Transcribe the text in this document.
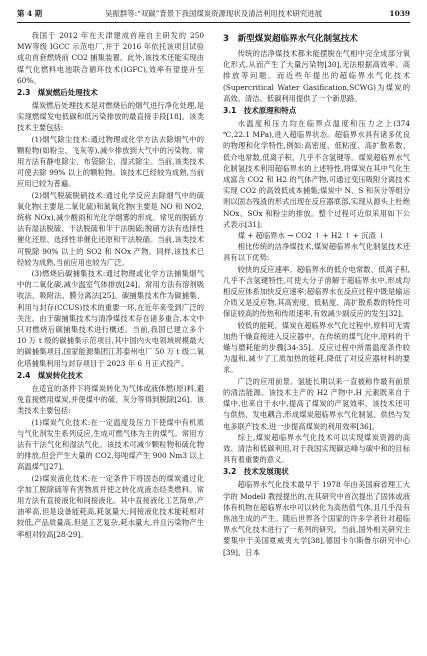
第 4 期	吴振群等:“双碳”背景下我国煤炭资源现状及清洁利用技术研究进展	1039

我国于 2012 年在天津建成首座自主研发的 250 MW等级 IGCC 示范电厂,并于 2016 年依托该项目试验成功首套燃烧前 CO2 捕集装置。此外,该技术还能实现由煤气化燃料电池联合循环技术(IGFC),效率有望提升至 60%。

2.3　煤炭燃后处理技术

煤炭燃后处理技术是对燃烧后的烟气进行净化处理,是实现燃煤发电低碳和低污染排放的最直接手段[18]。该类技术主要包括:

(1)烟气除尘技术:通过物理或化学方法去除烟气中的颗粒物(如粉尘、飞灰等),减少排放到大气中的污染物。常用方法有静电除尘、布袋除尘、湿式除尘。当前,该类技术可使去除 99% 以上的颗粒物。该技术已经较为成熟,当前应用已较为普遍。

(2)烟气脱硫脱硝技术:通过化学反应去除烟气中的硫氧化物(主要是二氧化硫)和氮氧化物(主要是 NO 和 NO2,统称 NOx),减少酸雨和光化学烟雾的形成。常见的脱硫方法有湿法脱硫、干法脱硫和半干法脱硫;脱硝方法有选择性催化还原、选择性非催化还原和干法脱硝。当前,该类技术可脱除 90% 以上的 SO2 和 NOx 产物。同样,该技术已经较为成熟,当前应用也较为广泛。

(3)燃烧后碳捕集技术:通过物理或化学方法捕集烟气中的二氧化碳,减少温室气体排放[24]。常用方法有溶剂吸收法、吸附法、膜分离法[25]。碳捕集技术作为碳捕集、利用与封存(CCUS)技术的重要一环,在近年来受到广泛的关注。由于碳捕集技术与清净煤技术存在诸多重合,本文中只对燃烧后碳捕集技术进行概述。当前,我国已建立多个 10 万 t 级的碳捕集示范项目,其中国内火电领域规模最大的碳捕集项目,国家能源集团江苏泰州电厂 50 万 t 级二氧化塔捕集利用与封存项目于 2023 年 6 月正式投产。

2.4　煤炭转化技术

在适宜的条件下将煤炭转化为气体或液体燃(原)料,避免直接燃用煤炭,并使煤中的硫、灰分等得到脱除[26]。该类技术主要包括:

(1)煤炭气化技术:在一定温度及压力下使煤中有机质与气化剂发生系列反应,生成可燃气体为主的煤气。常用方法有干法气化和湿法气化。该技术可减少颗粒物和硫化物的排放,但会产生大量的 CO2,每吨煤产生 900 Nm3 以上高温煤气[27]。

(2)煤炭液化技术:在一定条件下将固态的煤炭通过化学加工脱除硫等有害物质并使之转化成液态烃类燃料。常用方法有直接液化和间接液化。其中直接液化工艺简单,产油率高,但是设备能耗高,耗氢量大;间接液化技术能耗相对较低,产品质量高,但是工艺复杂,耗水量大,并且污染物产生率相对较高[28-29]。

3　新型煤炭超临界水气化制氢技术

传统的洁净煤技术都未能摆脱在气相中完全成部分氧化形式,从而产生了大量污染物[30],无法根据高效率、高排放等问题。而近些年提出的超临界水气化技术(Supercritical Water Gasification,SCWG)为煤炭的高效、清洁、低碳利用提供了一个新思路。

3.1　技术原理和特点

水温度和压力均在临界点温度和压力之上(374 ℃,22.1 MPa),进入超临界状态。超临界水具有诸多优良的物理和化学特性,例如:高密度、低粘度、高扩散系数、低介电常数,低离子积、几乎不含氢键等。煤炭超临界水气化制氢技术利用超临界水的上述特性,将煤炭在其中气化生成富含 CO2 和 H2 的气体产物,可通过变压吸附分离技术实现 CO2 的高效低成本捕集;煤炭中 N、S 和灰分等组分则以固态残渣的形式出现在反应器底部,实现从源头上杜绝 NOx、SOx 和粉尘的排放。整个过程可近似采用如下公式表示[31]:

煤 + 超临界水 → CO2 ↑ + H2 ↑ + 沉渣 ↓

相比传统的洁净煤技术,煤炭超临界水气化制氢技术还具有以下优势:

较快的反应速率。超临界水的低介电常数、低离子积,几乎不含氢键特性,可使大分子溶解于超临界水中,形成均相反应体系加快反应速率;超临界水在反应过程中既是输运介质又是反应物,其高密度、低粘度、高扩散系数的特性可保证较高的传热和传质速率,有效减少副反应的发生[32]。

较低的能耗。煤炭在超临界水气化过程中,原料可无需加热干燥直接进入反应器中。在传统的煤气化中,原料的干燥与磨耗能的步骤[34-35]。反应过程中所需温度条件较为温和,减少了工质加热的能耗,降低了对反应器材料的要求。

广泛的应用前景。氢能长期以来一直被称作最有前景的清洁能源。该技术主产的 H2 产物中,H 元素既来自于煤中,也来自于水中,提高了煤炭的产氢效率。该技术还可与供热、发电耦合,形成煤炭超临界水气化制氢、供热与发电多联产技术,进一步提高煤炭的利用效率[36]。

综上,煤炭超临界水气化技术可以实现煤炭资源的高效、清洁和低碳利用,对于我国实现碳达峰与碳中和的目标具有着重要的意义。

3.2　技术发展现状

超临界水气化技术最早于 1978 年由美国麻省理工大学的 Modell 教授提出的,在其研究中首次提出了固体或液体有机物在超临界水中可以转化为高热值气体,且几乎没有焦油生成的产生。随后世界各个国家的许多学者针对超临界水气化技术进行了一系列的研究。当前,国外相关研究主要集中于美国夏威夷大学[38],德国卡尔斯鲁尔研究中心[39]、日本
